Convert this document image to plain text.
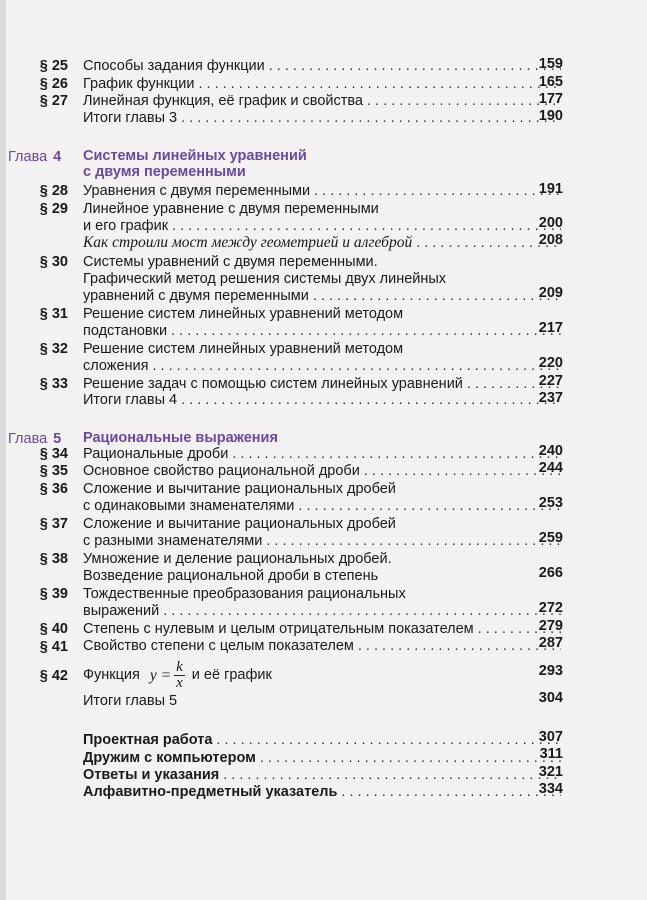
§ 25 Способы задания функции . . .	159
§ 26 График функции . . .	165
§ 27 Линейная функция, её график и свойства . . .	177
Итоги главы 3 . . .	190
Глава 4 Системы линейных уравнений
с двумя переменными
§ 28 Уравнения с двумя переменными . . .	191
§ 29 Линейное уравнение с двумя переменными
и его график . . .	200
Как строили мост между геометрией и алгеброй . . .	208
§ 30 Системы уравнений с двумя переменными.
Графический метод решения системы двух линейных
уравнений с двумя переменными . . .	209
§ 31 Решение систем линейных уравнений методом
подстановки . . .	217
§ 32 Решение систем линейных уравнений методом
сложения . . .	220
§ 33 Решение задач с помощью систем линейных уравнений . . .	227
Итоги главы 4 . . .	237
Глава 5 Рациональные выражения
§ 34 Рациональные дроби . . .	240
§ 35 Основное свойство рациональной дроби . . .	244
§ 36 Сложение и вычитание рациональных дробей
с одинаковыми знаменателями . . .	253
§ 37 Сложение и вычитание рациональных дробей
с разными знаменателями . . .	259
§ 38 Умножение и деление рациональных дробей.
Возведение рациональной дроби в степень	266
§ 39 Тождественные преобразования рациональных
выражений . . .	272
§ 40 Степень с нулевым и целым отрицательным показателем . . .	279
§ 41 Свойство степени с целым показателем . . .	287
§ 42 Функция $y = \frac{k}{x}$ и её график	293
Итоги главы 5	304
Проектная работа . . .	307
Дружим с компьютером . . .	311
Ответы и указания . . .	321
Алфавитно-предметный указатель . . .	334
